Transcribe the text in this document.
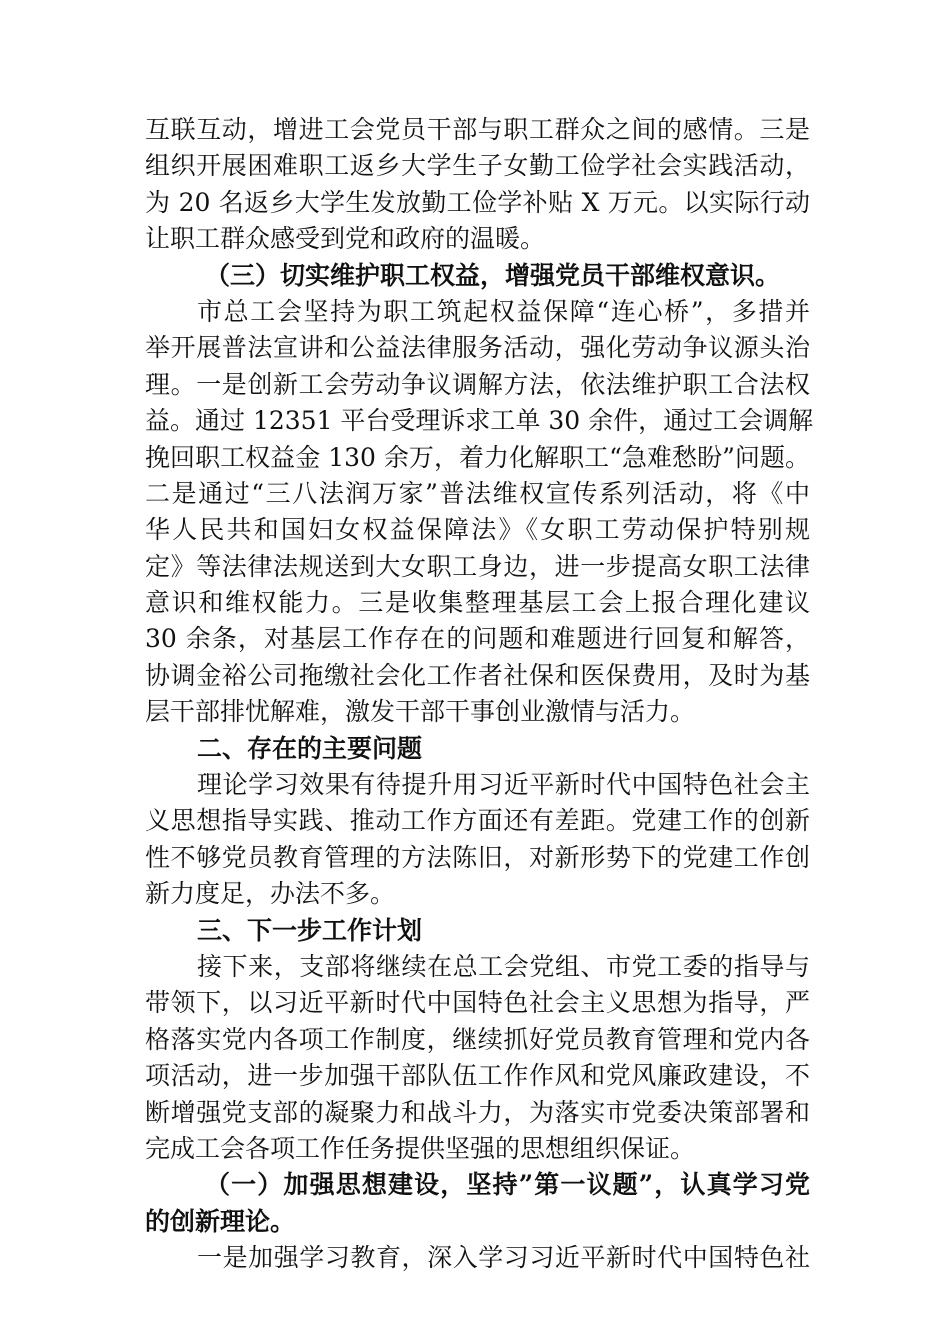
互联互动，增进工会党员干部与职工群众之间的感情。三是
组织开展困难职工返乡大学生子女勤工俭学社会实践活动，
为 20 名返乡大学生发放勤工俭学补贴 X 万元。以实际行动
让职工群众感受到党和政府的温暖。
（三）切实维护职工权益，增强党员干部维权意识。
市总工会坚持为职工筑起权益保障“连心桥”，多措并
举开展普法宣讲和公益法律服务活动，强化劳动争议源头治
理。一是创新工会劳动争议调解方法，依法维护职工合法权
益。通过 12351 平台受理诉求工单 30 余件，通过工会调解
挽回职工权益金 130 余万，着力化解职工“急难愁盼”问题。
二是通过“三八法润万家”普法维权宣传系列活动，将《中
华人民共和国妇女权益保障法》《女职工劳动保护特别规
定》等法律法规送到大女职工身边，进一步提高女职工法律
意识和维权能力。三是收集整理基层工会上报合理化建议
30 余条，对基层工作存在的问题和难题进行回复和解答，
协调金裕公司拖缴社会化工作者社保和医保费用，及时为基
层干部排忧解难，激发干部干事创业激情与活力。
二、存在的主要问题
理论学习效果有待提升用习近平新时代中国特色社会主
义思想指导实践、推动工作方面还有差距。党建工作的创新
性不够党员教育管理的方法陈旧，对新形势下的党建工作创
新力度足，办法不多。
三、下一步工作计划
接下来，支部将继续在总工会党组、市党工委的指导与
带领下，以习近平新时代中国特色社会主义思想为指导，严
格落实党内各项工作制度，继续抓好党员教育管理和党内各
项活动，进一步加强干部队伍工作作风和党风廉政建设，不
断增强党支部的凝聚力和战斗力，为落实市党委决策部署和
完成工会各项工作任务提供坚强的思想组织保证。
（一）加强思想建设，坚持”第一议题”，认真学习党
的创新理论。
一是加强学习教育，深入学习习近平新时代中国特色社
